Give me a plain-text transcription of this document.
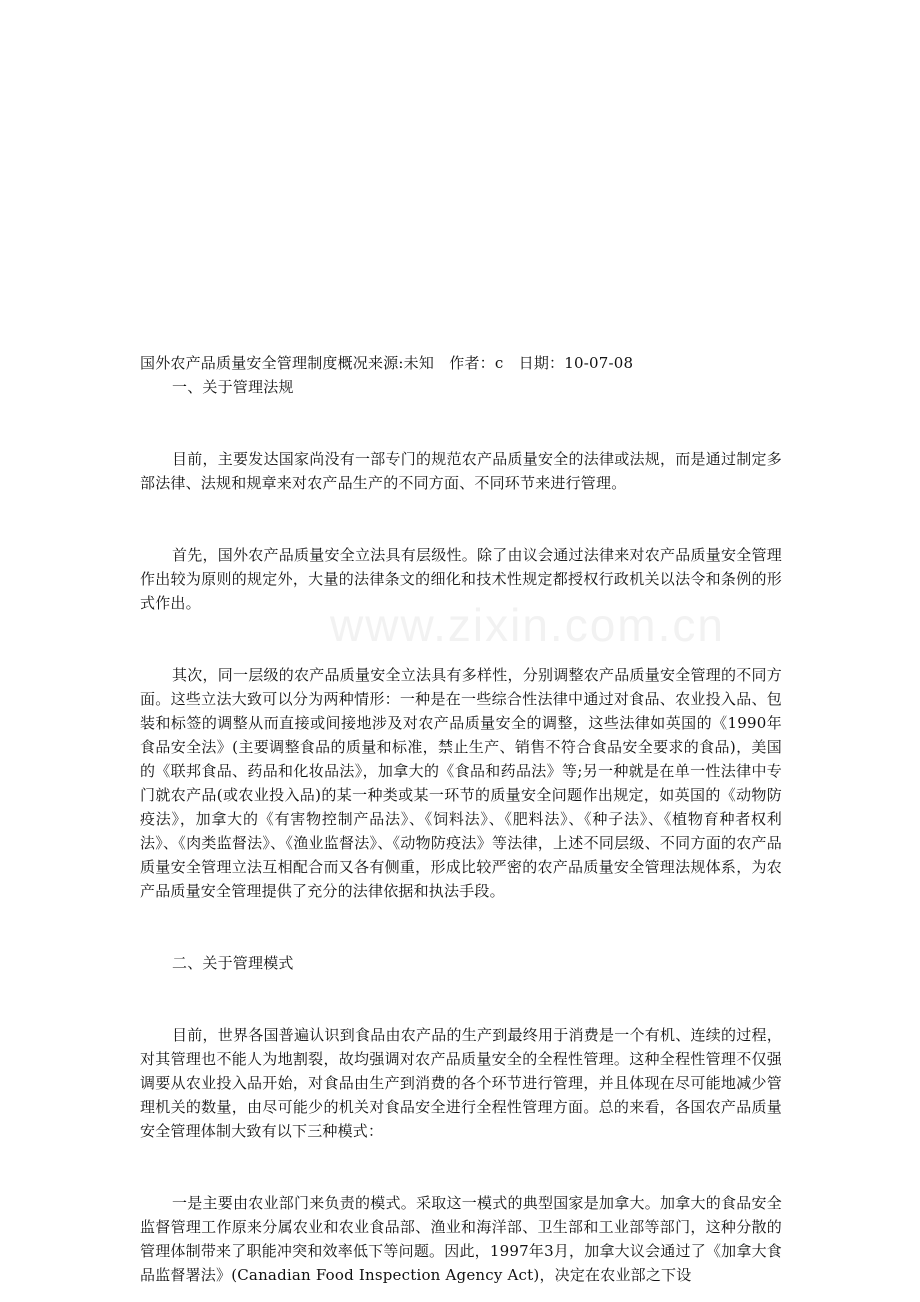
www.zixin.com.cn

国外农产品质量安全管理制度概况来源:未知　作者：c　日期：10-07-08

一、关于管理法规

目前，主要发达国家尚没有一部专门的规范农产品质量安全的法律或法规，而是通过制定多部法律、法规和规章来对农产品生产的不同方面、不同环节来进行管理。

首先，国外农产品质量安全立法具有层级性。除了由议会通过法律来对农产品质量安全管理作出较为原则的规定外，大量的法律条文的细化和技术性规定都授权行政机关以法令和条例的形式作出。

其次，同一层级的农产品质量安全立法具有多样性，分别调整农产品质量安全管理的不同方面。这些立法大致可以分为两种情形：一种是在一些综合性法律中通过对食品、农业投入品、包装和标签的调整从而直接或间接地涉及对农产品质量安全的调整，这些法律如英国的《1990年食品安全法》(主要调整食品的质量和标准，禁止生产、销售不符合食品安全要求的食品)，美国的《联邦食品、药品和化妆品法》，加拿大的《食品和药品法》等;另一种就是在单一性法律中专门就农产品(或农业投入品)的某一种类或某一环节的质量安全问题作出规定，如英国的《动物防疫法》，加拿大的《有害物控制产品法》、《饲料法》、《肥料法》、《种子法》、《植物育种者权利法》、《肉类监督法》、《渔业监督法》、《动物防疫法》等法律，上述不同层级、不同方面的农产品质量安全管理立法互相配合而又各有侧重，形成比较严密的农产品质量安全管理法规体系，为农产品质量安全管理提供了充分的法律依据和执法手段。

二、关于管理模式

目前，世界各国普遍认识到食品由农产品的生产到最终用于消费是一个有机、连续的过程，对其管理也不能人为地割裂，故均强调对农产品质量安全的全程性管理。这种全程性管理不仅强调要从农业投入品开始，对食品由生产到消费的各个环节进行管理，并且体现在尽可能地减少管理机关的数量，由尽可能少的机关对食品安全进行全程性管理方面。总的来看，各国农产品质量安全管理体制大致有以下三种模式：

一是主要由农业部门来负责的模式。采取这一模式的典型国家是加拿大。加拿大的食品安全监督管理工作原来分属农业和农业食品部、渔业和海洋部、卫生部和工业部等部门，这种分散的管理体制带来了职能冲突和效率低下等问题。因此，1997年3月，加拿大议会通过了《加拿大食品监督署法》(Canadian Food Inspection Agency Act)，决定在农业部之下设
